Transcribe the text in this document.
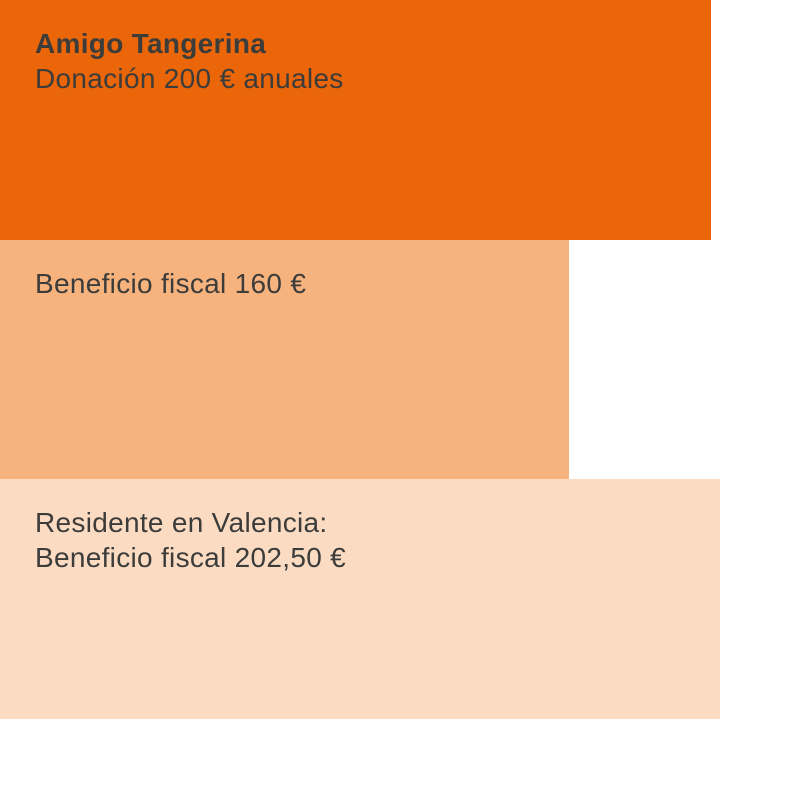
Amigo Tangerina
Donación 200 € anuales
Beneficio fiscal 160 €
Residente en Valencia:
Beneficio fiscal 202,50 €
